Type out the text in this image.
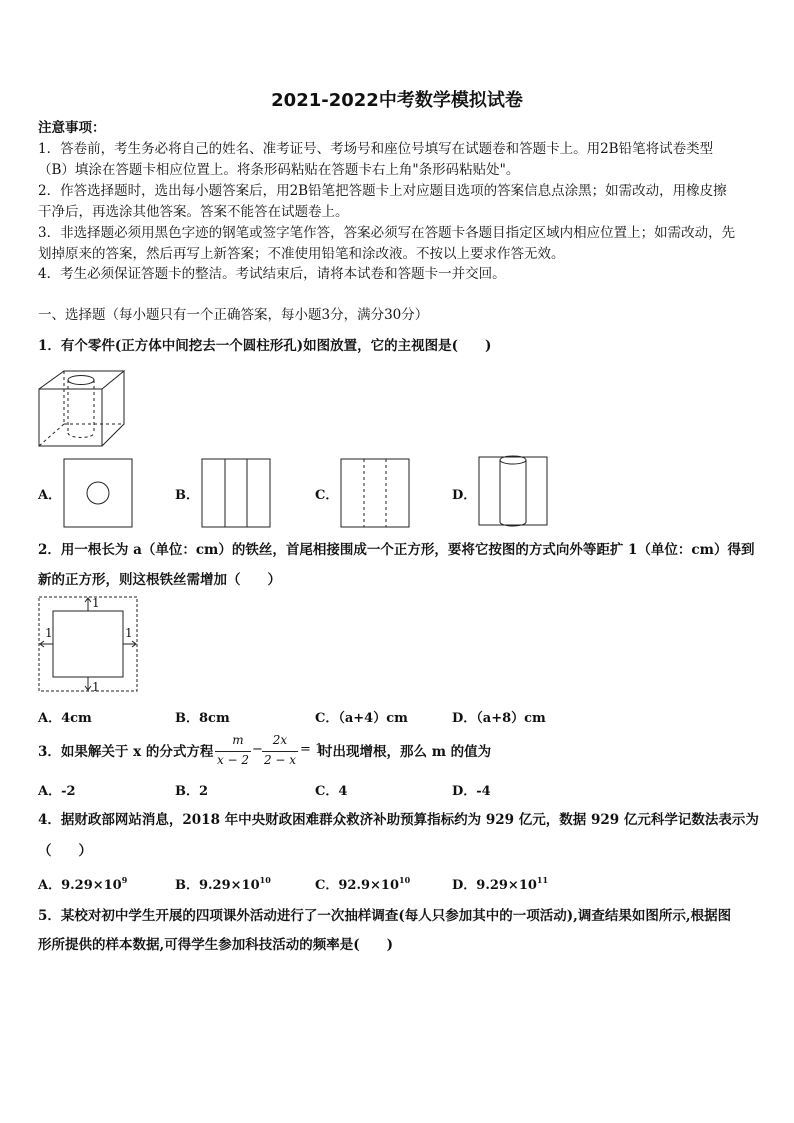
2021-2022中考数学模拟试卷
注意事项：
1．答卷前，考生务必将自己的姓名、准考证号、考场号和座位号填写在试题卷和答题卡上。用2B铅笔将试卷类型
（B）填涂在答题卡相应位置上。将条形码粘贴在答题卡右上角"条形码粘贴处"。
2．作答选择题时，选出每小题答案后，用2B铅笔把答题卡上对应题目选项的答案信息点涂黑；如需改动，用橡皮擦
干净后，再选涂其他答案。答案不能答在试题卷上。
3．非选择题必须用黑色字迹的钢笔或签字笔作答，答案必须写在答题卡各题目指定区域内相应位置上；如需改动，先
划掉原来的答案，然后再写上新答案；不准使用铅笔和涂改液。不按以上要求作答无效。
4．考生必须保证答题卡的整洁。考试结束后，请将本试卷和答题卡一并交回。
一、选择题（每小题只有一个正确答案，每小题3分，满分30分）
1．有个零件(正方体中间挖去一个圆柱形孔)如图放置，它的主视图是(　　)
A．	B．	C．	D．
2．用一根长为 a（单位：cm）的铁丝，首尾相接围成一个正方形，要将它按图的方式向外等距扩 1（单位：cm）得到
新的正方形，则这根铁丝需增加（　　）
1
1	1
1
A．4cm	B．8cm	C．（a+4）cm	D．（a+8）cm
3．如果解关于 x 的分式方程
m
x − 2
−
2x
2 − x
= 1
时出现增根，那么 m 的值为
A．-2	B．2	C．4	D．-4
4．据财政部网站消息，2018 年中央财政困难群众救济补助预算指标约为 929 亿元，数据 929 亿元科学记数法表示为
（　　）
A．$9.29\times 10^9$	B．$9.29\times 10^{10}$	C．$92.9\times 10^{10}$	D．$9.29\times 10^{11}$
5．某校对初中学生开展的四项课外活动进行了一次抽样调查(每人只参加其中的一项活动),调查结果如图所示,根据图
形所提供的样本数据,可得学生参加科技活动的频率是(　　)
